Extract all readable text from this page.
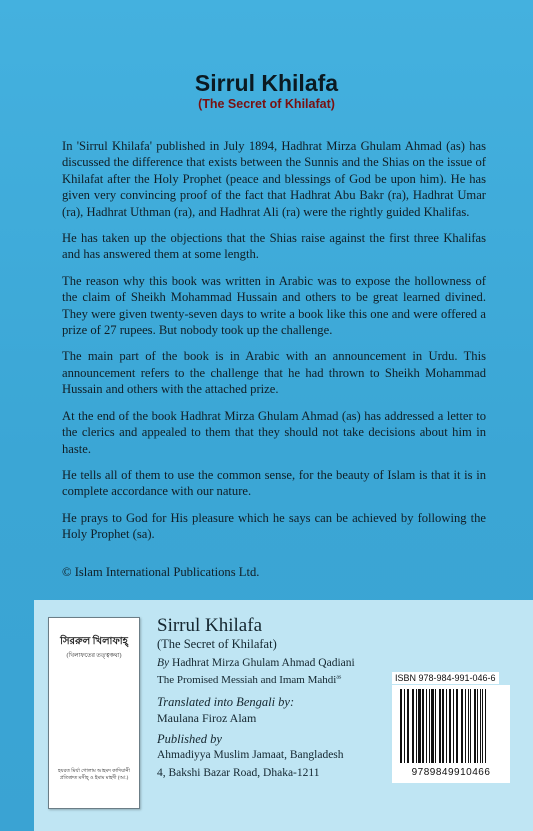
Sirrul Khilafa
(The Secret of Khilafat)

In 'Sirrul Khilafa' published in July 1894, Hadhrat Mirza Ghulam Ahmad (as) has discussed the difference that exists between the Sunnis and the Shias on the issue of Khilafat after the Holy Prophet (peace and blessings of God be upon him). He has given very convincing proof of the fact that Hadhrat Abu Bakr (ra), Hadhrat Umar (ra), Hadhrat Uthman (ra), and Hadhrat Ali (ra) were the rightly guided Khalifas.

He has taken up the objections that the Shias raise against the first three Khalifas and has answered them at some length.

The reason why this book was written in Arabic was to expose the hollowness of the claim of Sheikh Mohammad Hussain and others to be great learned divined. They were given twenty-seven days to write a book like this one and were offered a prize of 27 rupees. But nobody took up the challenge.

The main part of the book is in Arabic with an announcement in Urdu. This announcement refers to the challenge that he had thrown to Sheikh Mohammad Hussain and others with the attached prize.

At the end of the book Hadhrat Mirza Ghulam Ahmad (as) has addressed a letter to the clerics and appealed to them that they should not take decisions about him in haste.

He tells all of them to use the common sense, for the beauty of Islam is that it is in complete accordance with our nature.

He prays to God for His pleasure which he says can be achieved by following the Holy Prophet (sa).

© Islam International Publications Ltd.
সিররুল খিলাফাহ্
(খিলাফতের তত্ত্বকথা)
হযরত মির্যা গোলাম আহমদ কাদিয়ানী
প্রতিশ্রুত মসীহ্ ও ইমাম মাহদী (আ.)
Sirrul Khilafa
(The Secret of Khilafat)
By Hadhrat Mirza Ghulam Ahmad Qadiani
The Promised Messiah and Imam Mahdi$^{as}$
Translated into Bengali by:
Maulana Firoz Alam
Published by
Ahmadiyya Muslim Jamaat, Bangladesh
4, Bakshi Bazar Road, Dhaka-1211
ISBN 978-984-991-046-6
9789849910466
